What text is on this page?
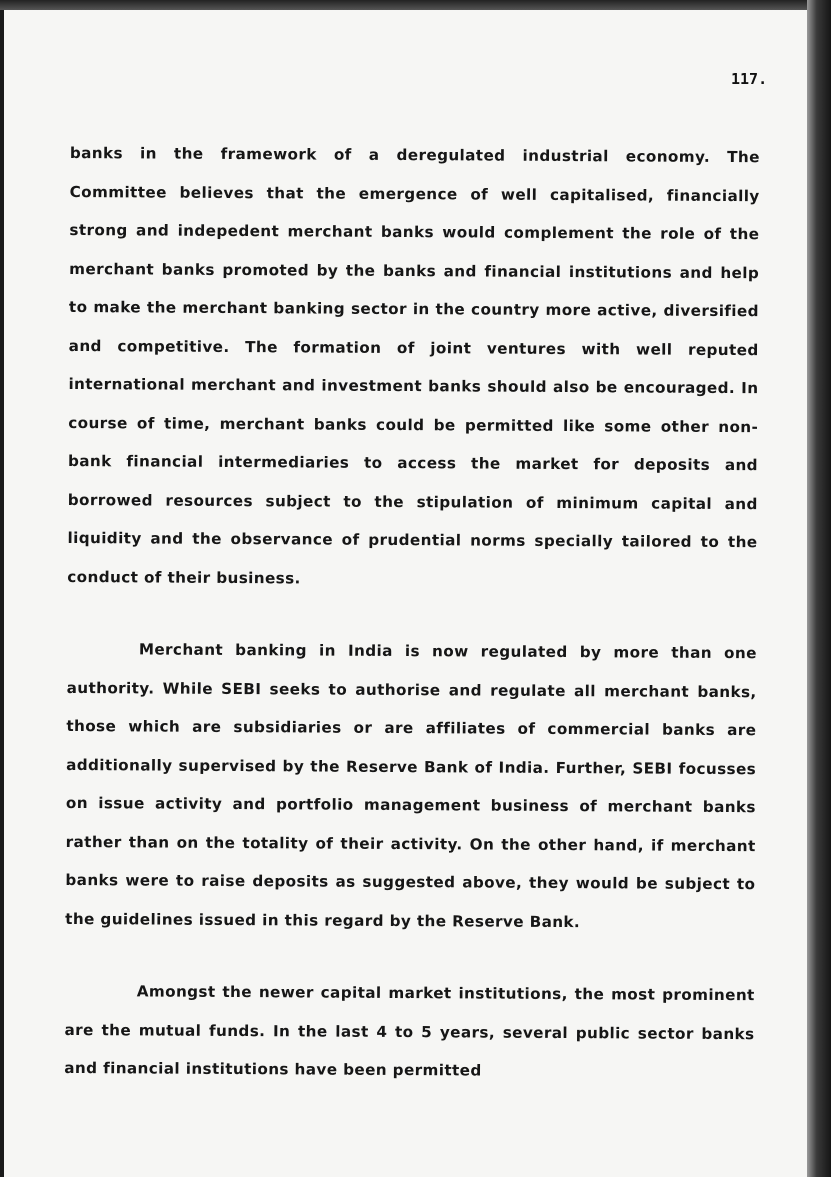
117.

banks in the framework of a deregulated industrial economy. The Committee believes that the emergence of well capitalised, financially strong and indepedent merchant banks would complement the role of the merchant banks promoted by the banks and financial institutions and help to make the merchant banking sector in the country more active, diversified and competitive. The formation of joint ventures with well reputed international merchant and investment banks should also be encouraged. In course of time, merchant banks could be permitted like some other non-bank financial intermediaries to access the market for deposits and borrowed resources subject to the stipulation of minimum capital and liquidity and the observance of prudential norms specially tailored to the conduct of their business.

Merchant banking in India is now regulated by more than one authority. While SEBI seeks to authorise and regulate all merchant banks, those which are subsidiaries or are affiliates of commercial banks are additionally supervised by the Reserve Bank of India. Further, SEBI focusses on issue activity and portfolio management business of merchant banks rather than on the totality of their activity. On the other hand, if merchant banks were to raise deposits as suggested above, they would be subject to the guidelines issued in this regard by the Reserve Bank.

Amongst the newer capital market institutions, the most prominent are the mutual funds. In the last 4 to 5 years, several public sector banks and financial institutions have been permitted
